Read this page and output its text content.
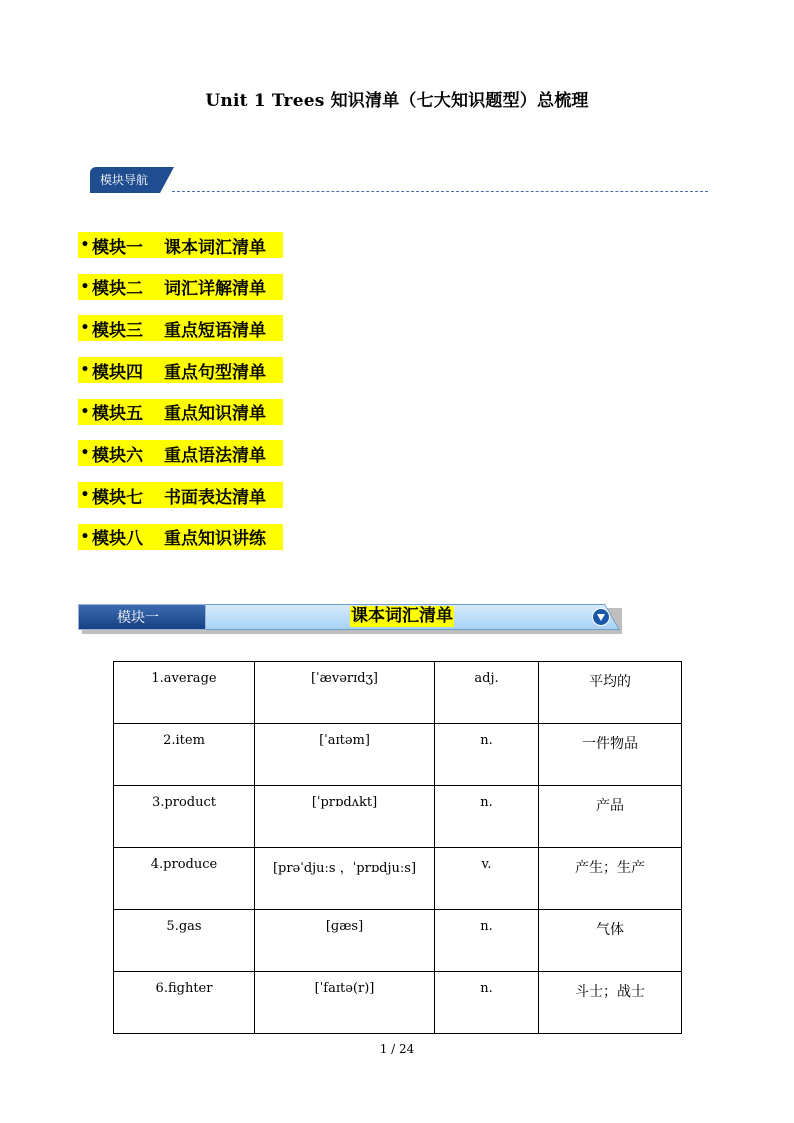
Unit 1 Trees 知识清单（七大知识题型）总梳理
模块导航
• 模块一	课本词汇清单
• 模块二	词汇详解清单
• 模块三	重点短语清单
• 模块四	重点句型清单
• 模块五	重点知识清单
• 模块六	重点语法清单
• 模块七	书面表达清单
• 模块八	重点知识讲练
模块一	课本词汇清单
1.average	[ˈævərɪdʒ]	adj.	平均的
2.item	[ˈaɪtəm]	n.	一件物品
3.product	[ˈprɒdʌkt]	n.	产品
4.produce	[prəˈdjuːs ，ˈprɒdjuːs]	v.	产生；生产
5.gas	[ɡæs]	n.	气体
6.fighter	[ˈfaɪtə(r)]	n.	斗士；战士
1 / 24
